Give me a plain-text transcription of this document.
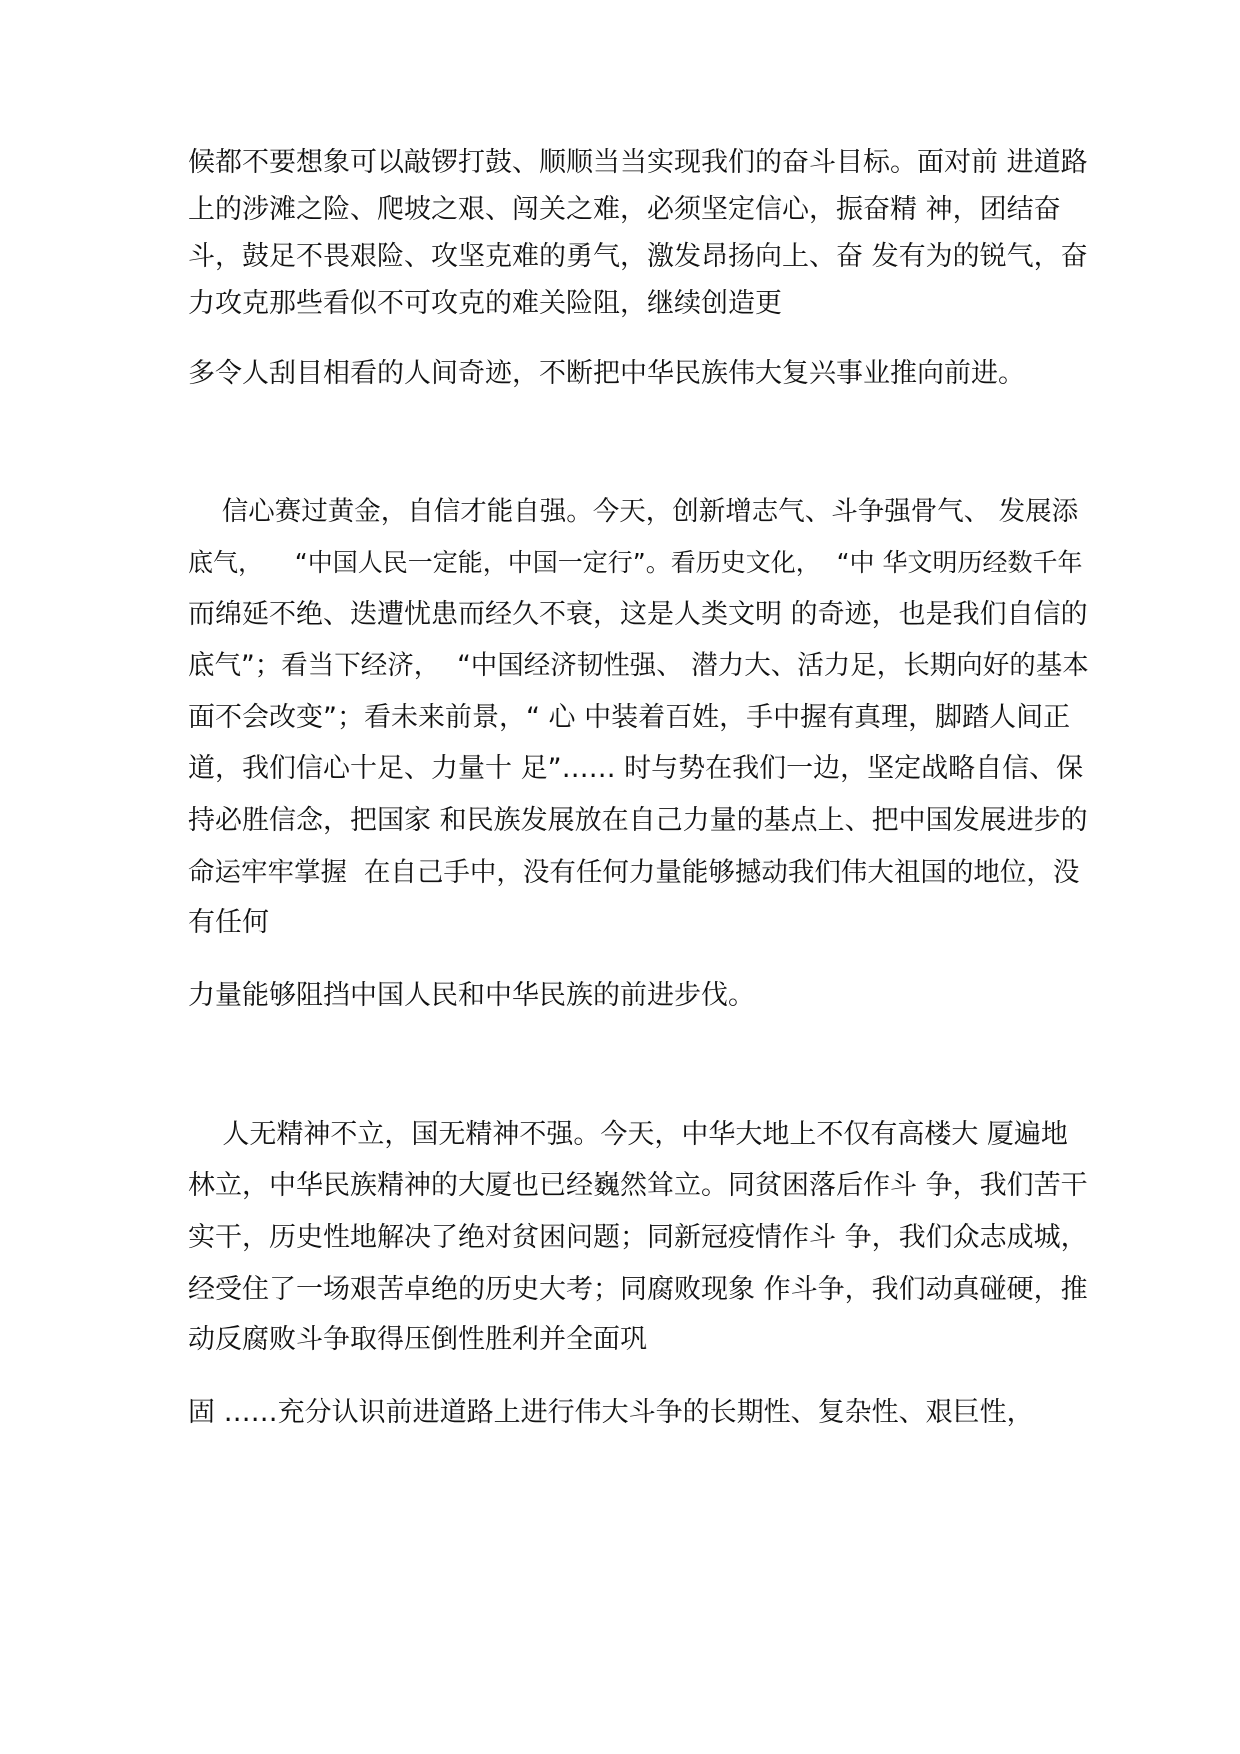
候都不要想象可以敲锣打鼓、顺顺当当实现我们的奋斗目标。面对前 进道路
上的涉滩之险、爬坡之艰、闯关之难，必须坚定信心，振奋精 神，团结奋
斗，鼓足不畏艰险、攻坚克难的勇气，激发昂扬向上、奋 发有为的锐气，奋
力攻克那些看似不可攻克的难关险阻，继续创造更
多令人刮目相看的人间奇迹，不断把中华民族伟大复兴事业推向前进。
信心赛过黄金，自信才能自强。今天，创新增志气、斗争强骨气、 发展添
底气，    “中国人民一定能，中国一定行”。看历史文化，  “中 华文明历经数千年
而绵延不绝、迭遭忧患而经久不衰，这是人类文明 的奇迹，也是我们自信的
底气”；看当下经济，  “中国经济韧性强、 潜力大、活力足，长期向好的基本
面不会改变”；看未来前景，“ 心 中装着百姓，手中握有真理，脚踏人间正
道，我们信心十足、力量十 足”…… 时与势在我们一边，坚定战略自信、保
持必胜信念，把国家 和民族发展放在自己力量的基点上、把中国发展进步的
命运牢牢掌握  在自己手中，没有任何力量能够撼动我们伟大祖国的地位，没
有任何
力量能够阻挡中国人民和中华民族的前进步伐。
人无精神不立，国无精神不强。今天，中华大地上不仅有高楼大 厦遍地
林立，中华民族精神的大厦也已经巍然耸立。同贫困落后作斗 争，我们苦干
实干，历史性地解决了绝对贫困问题；同新冠疫情作斗 争，我们众志成城，
经受住了一场艰苦卓绝的历史大考；同腐败现象 作斗争，我们动真碰硬，推
动反腐败斗争取得压倒性胜利并全面巩
固 ……充分认识前进道路上进行伟大斗争的长期性、复杂性、艰巨性，
